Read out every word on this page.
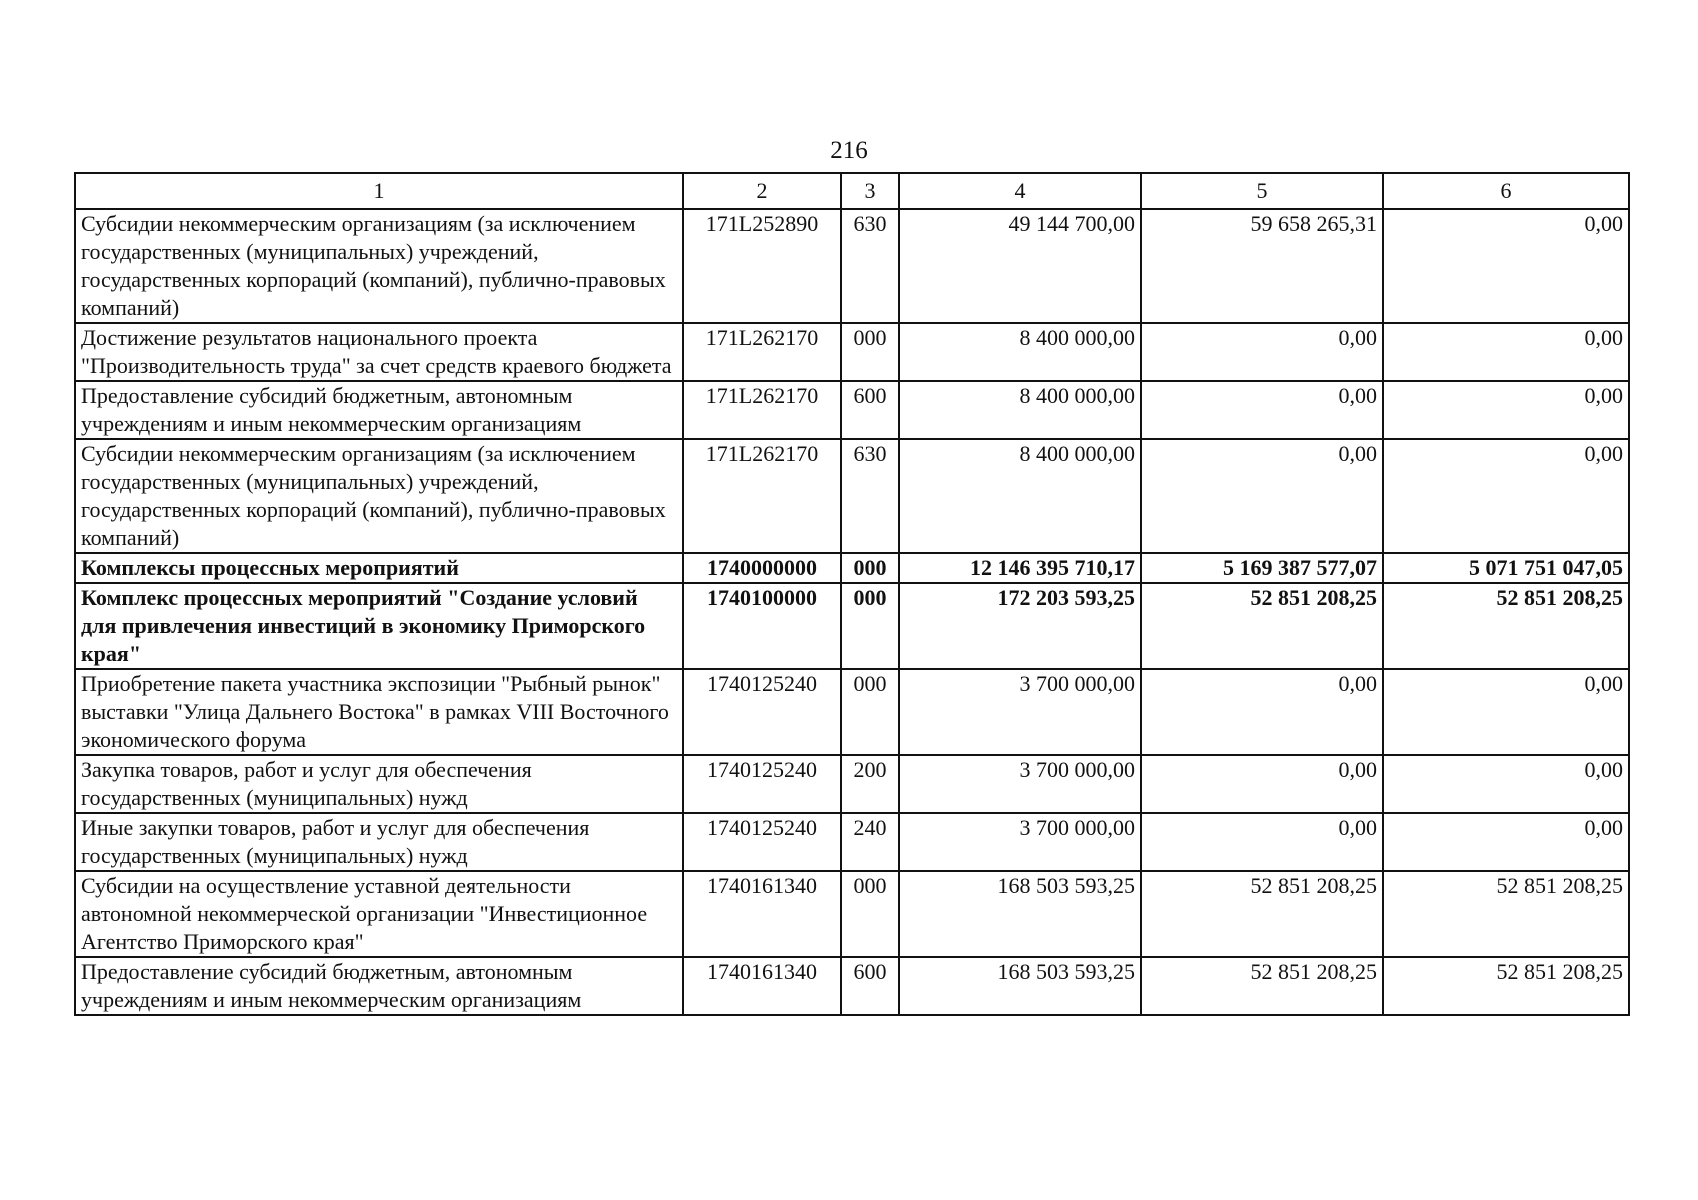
216
1	2	3	4	5	6
Субсидии некоммерческим организациям (за исключением государственных (муниципальных) учреждений, государственных корпораций (компаний), публично-правовых компаний)	171L252890	630	49 144 700,00	59 658 265,31	0,00
Достижение результатов национального проекта "Производительность труда" за счет средств краевого бюджета	171L262170	000	8 400 000,00	0,00	0,00
Предоставление субсидий бюджетным, автономным учреждениям и иным некоммерческим организациям	171L262170	600	8 400 000,00	0,00	0,00
Субсидии некоммерческим организациям (за исключением государственных (муниципальных) учреждений, государственных корпораций (компаний), публично-правовых компаний)	171L262170	630	8 400 000,00	0,00	0,00
Комплексы процессных мероприятий	1740000000	000	12 146 395 710,17	5 169 387 577,07	5 071 751 047,05
Комплекс процессных мероприятий "Создание условий для привлечения инвестиций в экономику Приморского края"	1740100000	000	172 203 593,25	52 851 208,25	52 851 208,25
Приобретение пакета участника экспозиции "Рыбный рынок" выставки "Улица Дальнего Востока" в рамках VIII Восточного экономического форума	1740125240	000	3 700 000,00	0,00	0,00
Закупка товаров, работ и услуг для обеспечения государственных (муниципальных) нужд	1740125240	200	3 700 000,00	0,00	0,00
Иные закупки товаров, работ и услуг для обеспечения государственных (муниципальных) нужд	1740125240	240	3 700 000,00	0,00	0,00
Субсидии на осуществление уставной деятельности автономной некоммерческой организации "Инвестиционное Агентство Приморского края"	1740161340	000	168 503 593,25	52 851 208,25	52 851 208,25
Предоставление субсидий бюджетным, автономным учреждениям и иным некоммерческим организациям	1740161340	600	168 503 593,25	52 851 208,25	52 851 208,25
